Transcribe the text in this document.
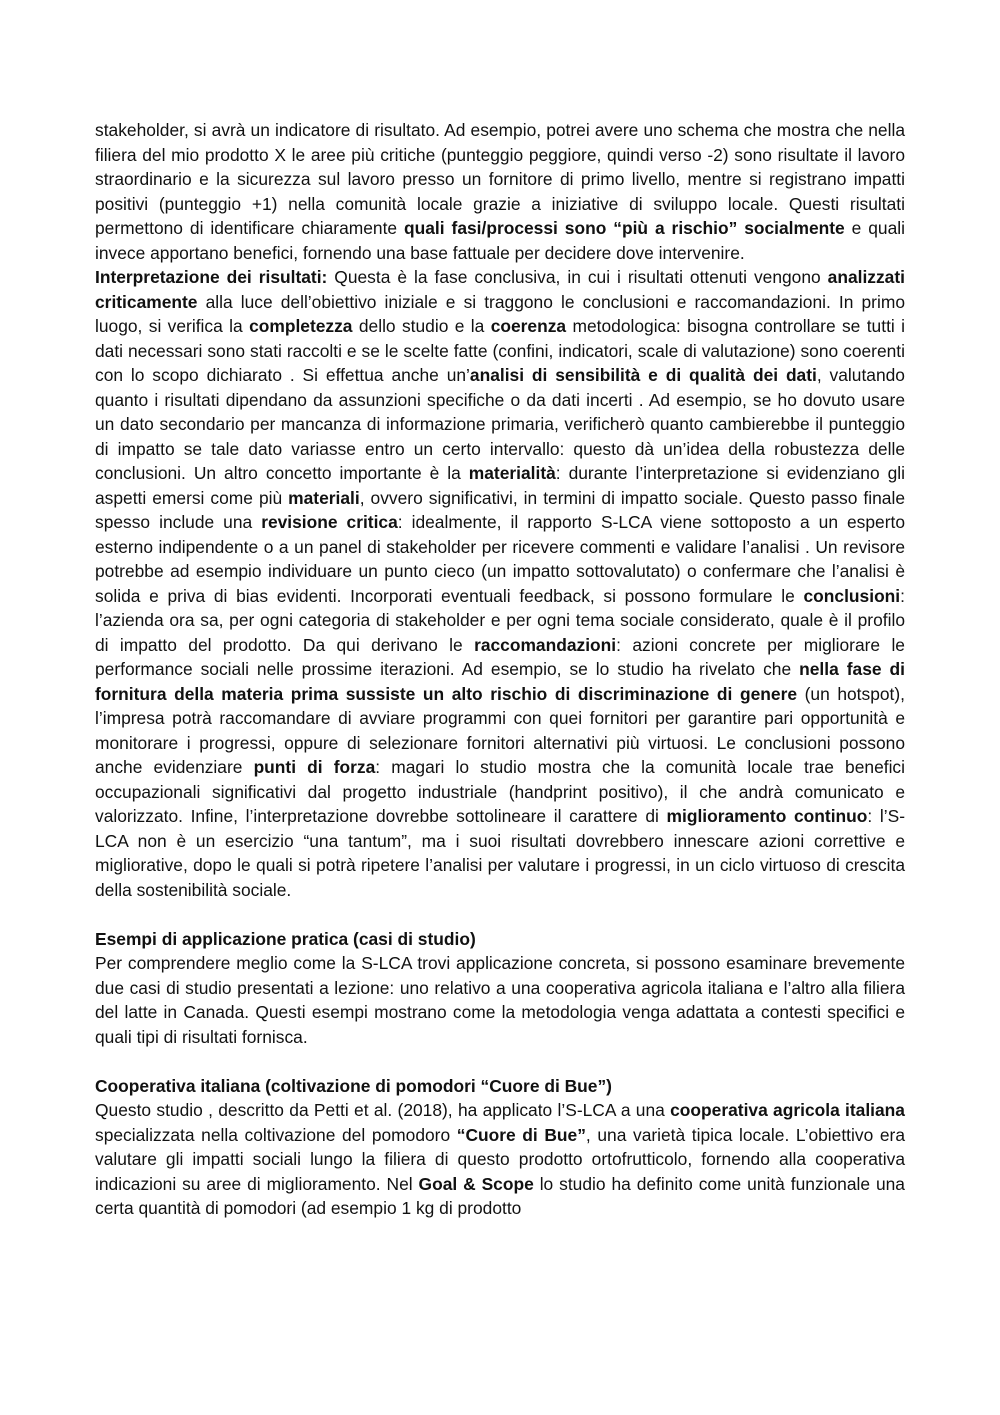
stakeholder, si avrà un indicatore di risultato. Ad esempio, potrei avere uno schema che mostra che nella filiera del mio prodotto X le aree più critiche (punteggio peggiore, quindi verso -2) sono risultate il lavoro straordinario e la sicurezza sul lavoro presso un fornitore di primo livello, mentre si registrano impatti positivi (punteggio +1) nella comunità locale grazie a iniziative di sviluppo locale. Questi risultati permettono di identificare chiaramente quali fasi/processi sono “più a rischio” socialmente e quali invece apportano benefici, fornendo una base fattuale per decidere dove intervenire.

Interpretazione dei risultati: Questa è la fase conclusiva, in cui i risultati ottenuti vengono analizzati criticamente alla luce dell’obiettivo iniziale e si traggono le conclusioni e raccomandazioni. In primo luogo, si verifica la completezza dello studio e la coerenza metodologica: bisogna controllare se tutti i dati necessari sono stati raccolti e se le scelte fatte (confini, indicatori, scale di valutazione) sono coerenti con lo scopo dichiarato . Si effettua anche un’analisi di sensibilità e di qualità dei dati, valutando quanto i risultati dipendano da assunzioni specifiche o da dati incerti . Ad esempio, se ho dovuto usare un dato secondario per mancanza di informazione primaria, verificherò quanto cambierebbe il punteggio di impatto se tale dato variasse entro un certo intervallo: questo dà un’idea della robustezza delle conclusioni. Un altro concetto importante è la materialità: durante l’interpretazione si evidenziano gli aspetti emersi come più materiali, ovvero significativi, in termini di impatto sociale. Questo passo finale spesso include una revisione critica: idealmente, il rapporto S-LCA viene sottoposto a un esperto esterno indipendente o a un panel di stakeholder per ricevere commenti e validare l’analisi . Un revisore potrebbe ad esempio individuare un punto cieco (un impatto sottovalutato) o confermare che l’analisi è solida e priva di bias evidenti. Incorporati eventuali feedback, si possono formulare le conclusioni: l’azienda ora sa, per ogni categoria di stakeholder e per ogni tema sociale considerato, quale è il profilo di impatto del prodotto. Da qui derivano le raccomandazioni: azioni concrete per migliorare le performance sociali nelle prossime iterazioni. Ad esempio, se lo studio ha rivelato che nella fase di fornitura della materia prima sussiste un alto rischio di discriminazione di genere (un hotspot), l’impresa potrà raccomandare di avviare programmi con quei fornitori per garantire pari opportunità e monitorare i progressi, oppure di selezionare fornitori alternativi più virtuosi. Le conclusioni possono anche evidenziare punti di forza: magari lo studio mostra che la comunità locale trae benefici occupazionali significativi dal progetto industriale (handprint positivo), il che andrà comunicato e valorizzato. Infine, l’interpretazione dovrebbe sottolineare il carattere di miglioramento continuo: l’S-LCA non è un esercizio “una tantum”, ma i suoi risultati dovrebbero innescare azioni correttive e migliorative, dopo le quali si potrà ripetere l’analisi per valutare i progressi, in un ciclo virtuoso di crescita della sostenibilità sociale.

Esempi di applicazione pratica (casi di studio)

Per comprendere meglio come la S-LCA trovi applicazione concreta, si possono esaminare brevemente due casi di studio presentati a lezione: uno relativo a una cooperativa agricola italiana e l’altro alla filiera del latte in Canada. Questi esempi mostrano come la metodologia venga adattata a contesti specifici e quali tipi di risultati fornisca.

Cooperativa italiana (coltivazione di pomodori “Cuore di Bue”)

Questo studio , descritto da Petti et al. (2018), ha applicato l’S-LCA a una cooperativa agricola italiana specializzata nella coltivazione del pomodoro “Cuore di Bue”, una varietà tipica locale. L’obiettivo era valutare gli impatti sociali lungo la filiera di questo prodotto ortofrutticolo, fornendo alla cooperativa indicazioni su aree di miglioramento. Nel Goal & Scope lo studio ha definito come unità funzionale una certa quantità di pomodori (ad esempio 1 kg di prodotto
